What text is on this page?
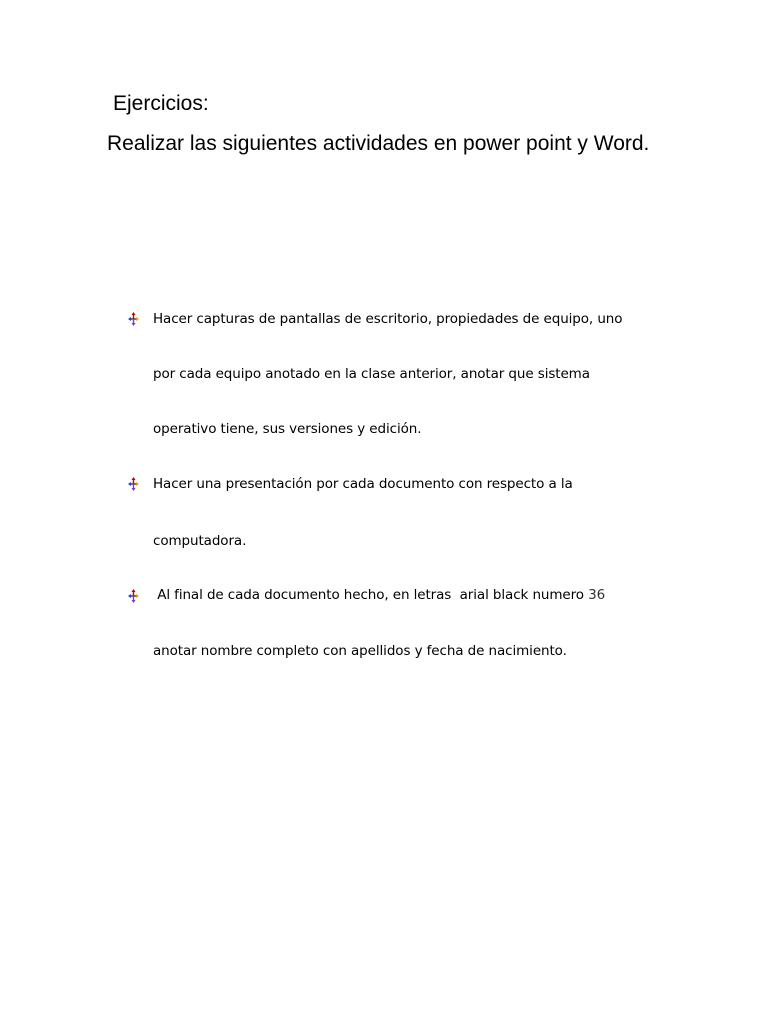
Ejercicios:
Realizar las siguientes actividades en power point y Word.
Hacer capturas de pantallas de escritorio, propiedades de equipo, uno
por cada equipo anotado en la clase anterior, anotar que sistema
operativo tiene, sus versiones y edición.
Hacer una presentación por cada documento con respecto a la
computadora.
Al final de cada documento hecho, en letras  arial black numero 36
anotar nombre completo con apellidos y fecha de nacimiento.
